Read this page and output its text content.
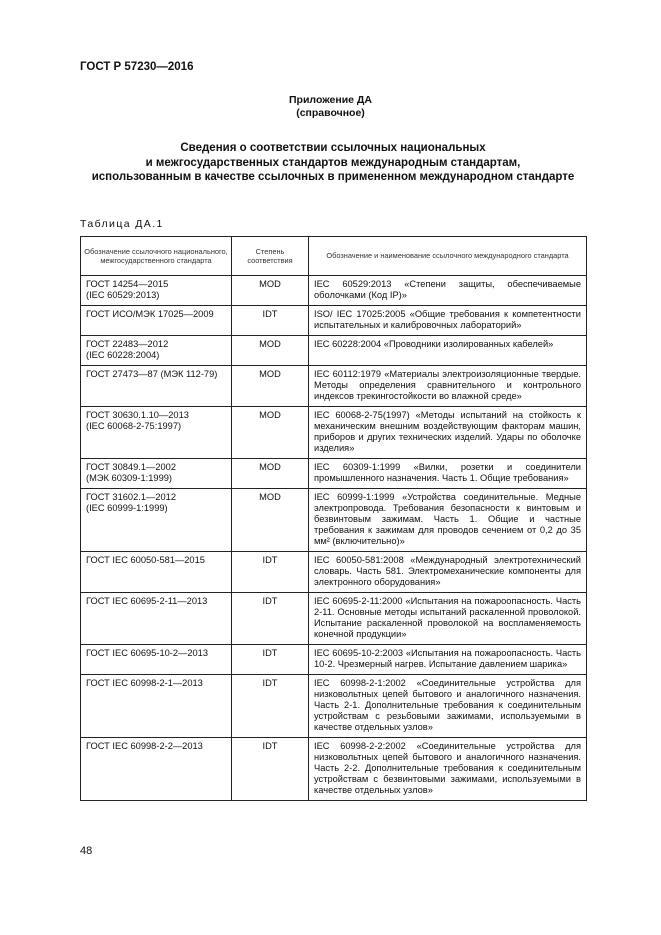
ГОСТ Р 57230—2016
Приложение ДА
(справочное)
Сведения о соответствии ссылочных национальных
и межгосударственных стандартов международным стандартам,
использованным в качестве ссылочных в примененном международном стандарте
Таблица ДА.1
Обозначение ссылочного национального, межгосударственного стандарта	Степень соответствия	Обозначение и наименование ссылочного международного стандарта

ГОСТ 14254—2015
(IEC 60529:2013)	MOD	IEC 60529:2013 «Степени защиты, обеспечиваемые оболочками (Код IP)»

ГОСТ ИСО/МЭК 17025—2009	IDT	ISO/ IEC 17025:2005 «Общие требования к компетентности испытательных и калибровочных лабораторий»

ГОСТ 22483—2012
(IEC 60228:2004)	MOD	IEC 60228:2004 «Проводники изолированных кабелей»

ГОСТ 27473—87 (МЭК 112-79)	MOD	IEC 60112:1979 «Материалы электроизоляционные твердые. Методы определения сравнительного и контрольного индексов трекингостойкости во влажной среде»

ГОСТ 30630.1.10—2013
(IEC 60068-2-75:1997)	MOD	IEC 60068-2-75(1997) «Методы испытаний на стойкость к механическим внешним воздействующим факторам машин, приборов и других технических изделий. Удары по оболочке изделия»

ГОСТ 30849.1—2002
(МЭК 60309-1:1999)	MOD	IEC 60309-1:1999 «Вилки, розетки и соединители промышленного назначения. Часть 1. Общие требования»

ГОСТ 31602.1—2012
(IEC 60999-1:1999)	MOD	IEC 60999-1:1999 «Устройства соединительные. Медные электропровода. Требования безопасности к винтовым и безвинтовым зажимам. Часть 1. Общие и частные требования к зажимам для проводов сечением от 0,2 до 35 мм² (включительно)»

ГОСТ IEC 60050-581—2015	IDT	IEC 60050-581:2008 «Международный электротехнический словарь. Часть 581. Электромеханические компоненты для электронного оборудования»

ГОСТ IEC 60695-2-11—2013	IDT	IEC 60695-2-11:2000 «Испытания на пожароопасность. Часть 2-11. Основные методы испытаний раскаленной проволокой. Испытание раскаленной проволокой на воспламеняемость конечной продукции»

ГОСТ IEC 60695-10-2—2013	IDT	IEC 60695-10-2:2003 «Испытания на пожароопасность. Часть 10-2. Чрезмерный нагрев. Испытание давлением шарика»

ГОСТ IEC 60998-2-1—2013	IDT	IEC 60998-2-1:2002 «Соединительные устройства для низковольтных цепей бытового и аналогичного назначения. Часть 2-1. Дополнительные требования к соединительным устройствам с резьбовыми зажимами, используемыми в качестве отдельных узлов»

ГОСТ IEC 60998-2-2—2013	IDT	IEC 60998-2-2:2002 «Соединительные устройства для низковольтных цепей бытового и аналогичного назначения. Часть 2-2. Дополнительные требования к соединительным устройствам с безвинтовыми зажимами, используемыми в качестве отдельных узлов»
48
